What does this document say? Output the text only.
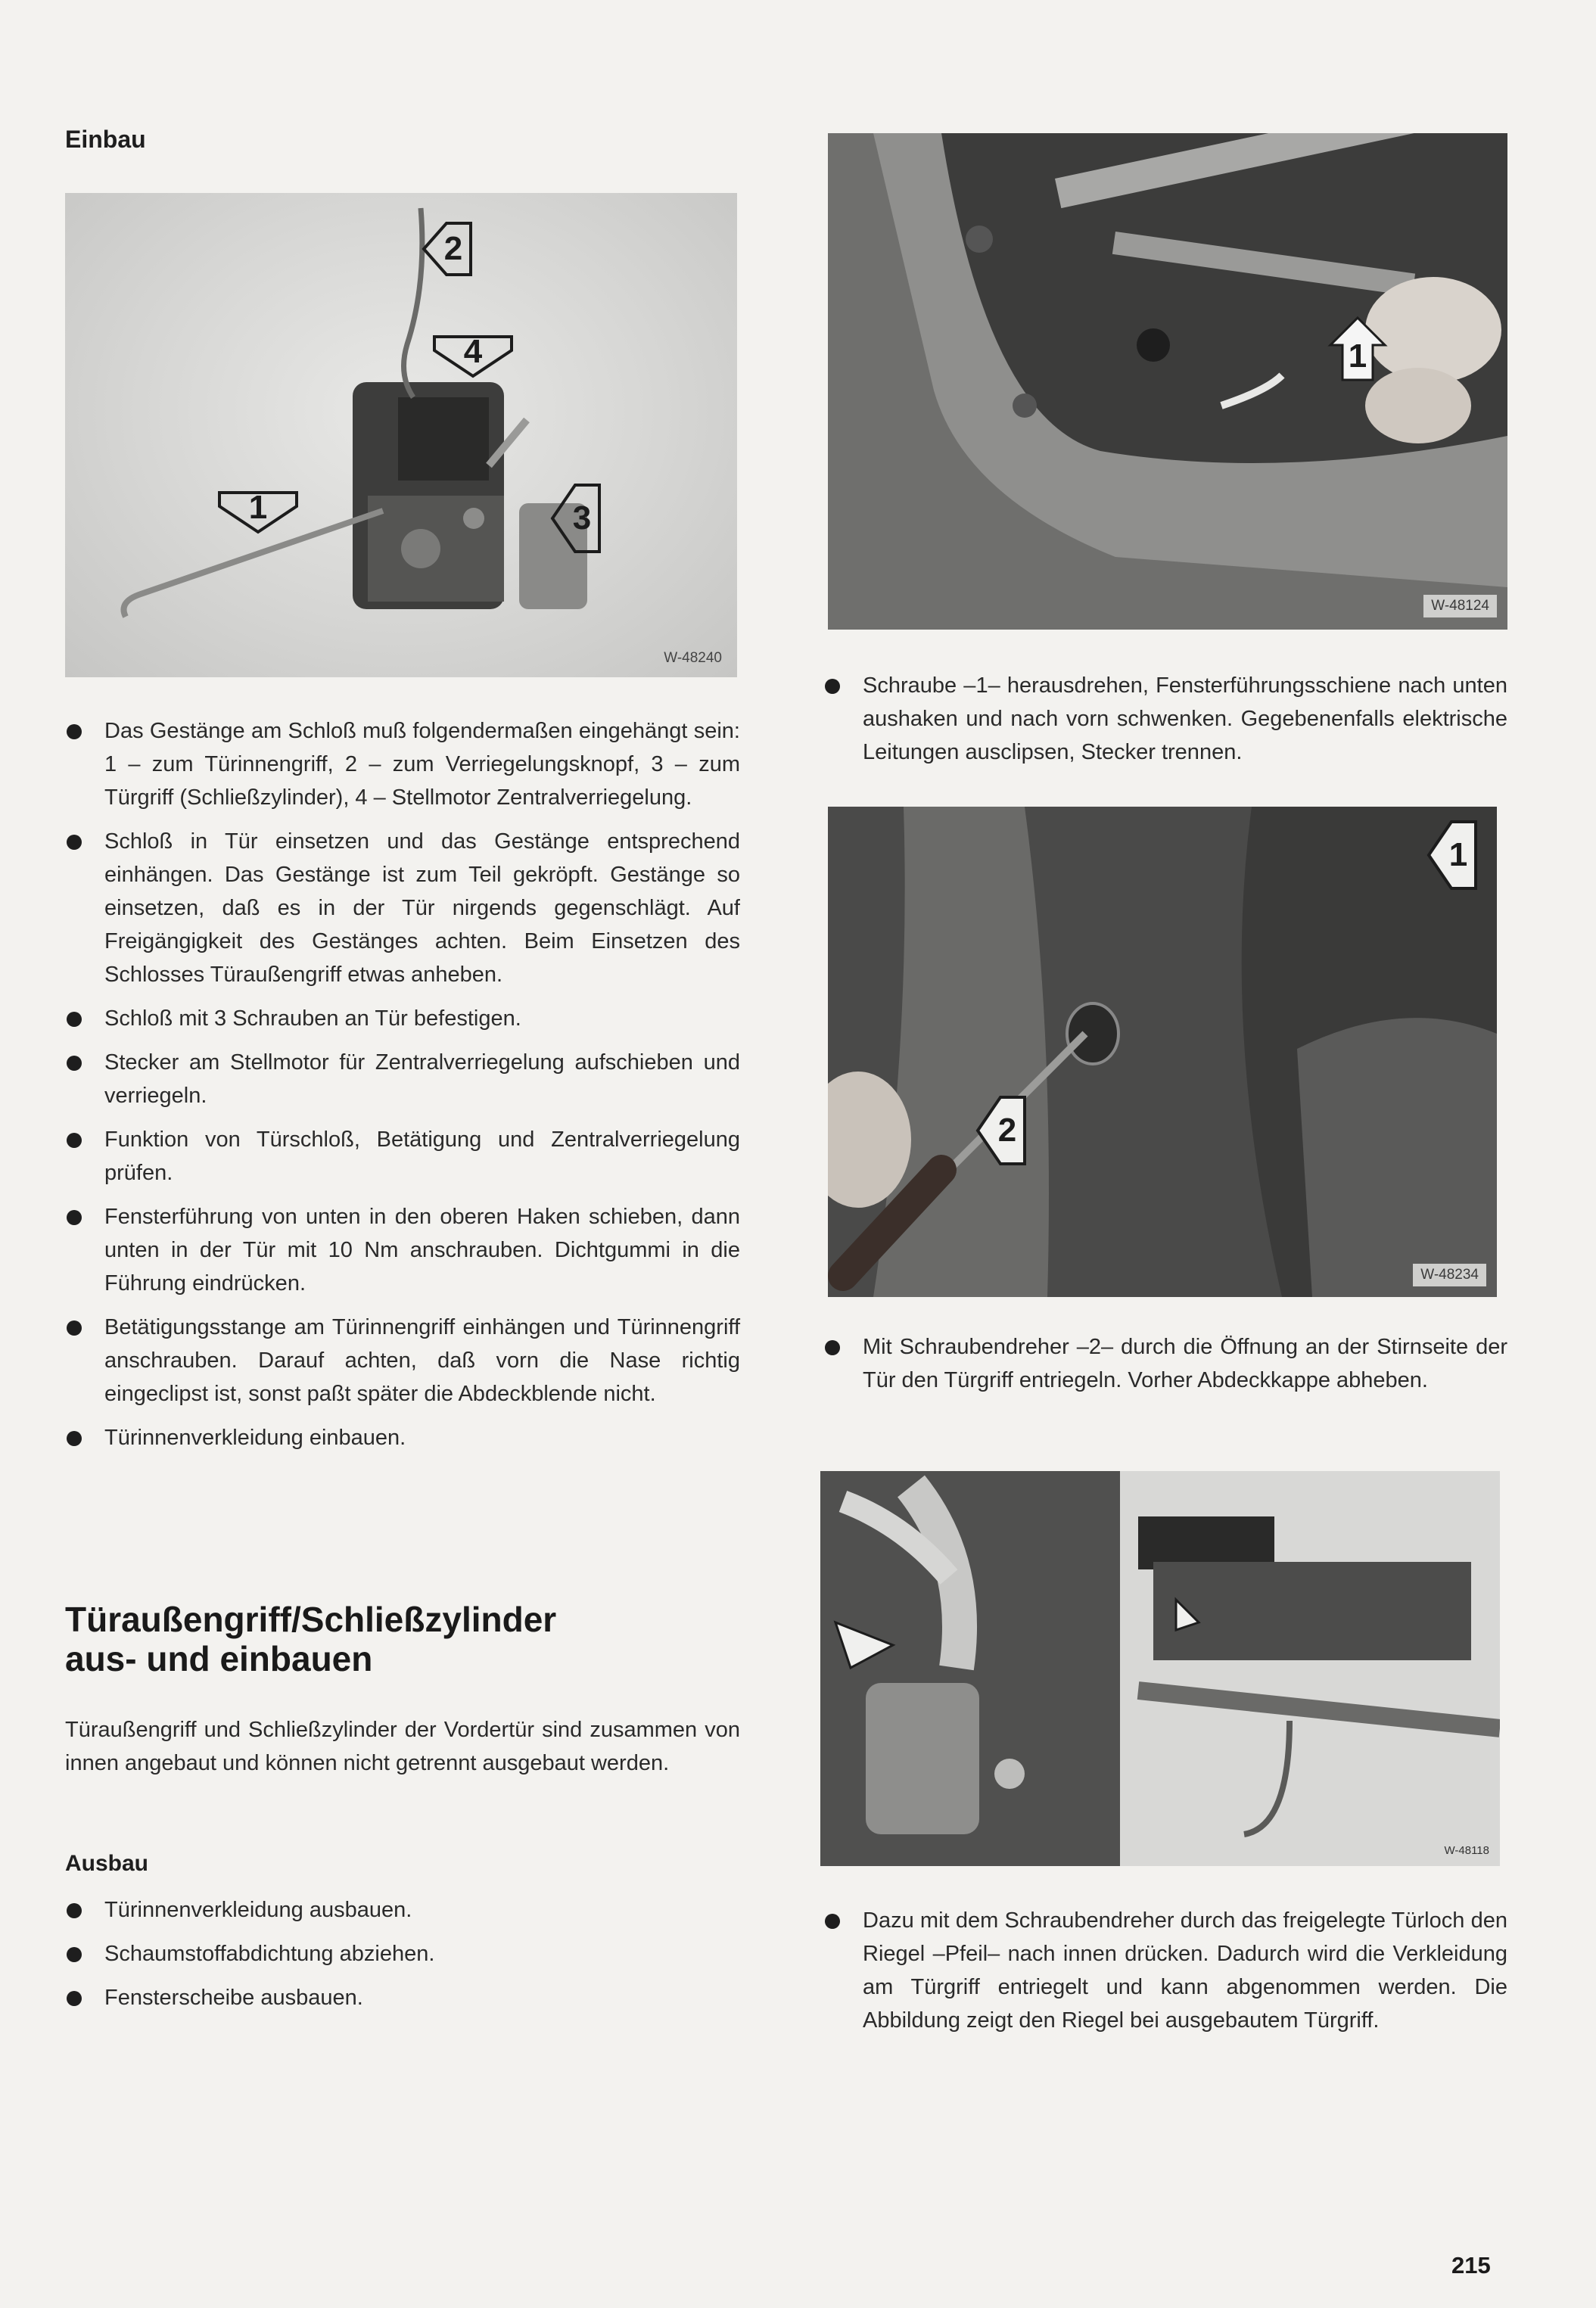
Einbau
2
4
1	3
W-48240
Das Gestänge am Schloß muß folgendermaßen eingehängt sein: 1 – zum Türinnengriff, 2 – zum Verriegelungsknopf, 3 – zum Türgriff (Schließzylinder), 4 – Stellmotor Zentralverriegelung.
Schloß in Tür einsetzen und das Gestänge entsprechend einhängen. Das Gestänge ist zum Teil gekröpft. Gestänge so einsetzen, daß es in der Tür nirgends gegenschlägt. Auf Freigängigkeit des Gestänges achten. Beim Einsetzen des Schlosses Türaußengriff etwas anheben.
Schloß mit 3 Schrauben an Tür befestigen.
Stecker am Stellmotor für Zentralverriegelung aufschieben und verriegeln.
Funktion von Türschloß, Betätigung und Zentralverriegelung prüfen.
Fensterführung von unten in den oberen Haken schieben, dann unten in der Tür mit 10 Nm anschrauben. Dichtgummi in die Führung eindrücken.
Betätigungsstange am Türinnengriff einhängen und Türinnengriff anschrauben. Darauf achten, daß vorn die Nase richtig eingeclipst ist, sonst paßt später die Abdeckblende nicht.
Türinnenverkleidung einbauen.
Türaußengriff/Schließzylinder
aus- und einbauen
Türaußengriff und Schließzylinder der Vordertür sind zusammen von innen angebaut und können nicht getrennt ausgebaut werden.
Ausbau
Türinnenverkleidung ausbauen.
Schaumstoffabdichtung abziehen.
Fensterscheibe ausbauen.
1
W-48124
Schraube –1– herausdrehen, Fensterführungsschiene nach unten aushaken und nach vorn schwenken. Gegebenenfalls elektrische Leitungen ausclipsen, Stecker trennen.
1
2
W-48234
Mit Schraubendreher –2– durch die Öffnung an der Stirnseite der Tür den Türgriff entriegeln. Vorher Abdeckkappe abheben.
W-48118
Dazu mit dem Schraubendreher durch das freigelegte Türloch den Riegel –Pfeil– nach innen drücken. Dadurch wird die Verkleidung am Türgriff entriegelt und kann abgenommen werden. Die Abbildung zeigt den Riegel bei ausgebautem Türgriff.
215
